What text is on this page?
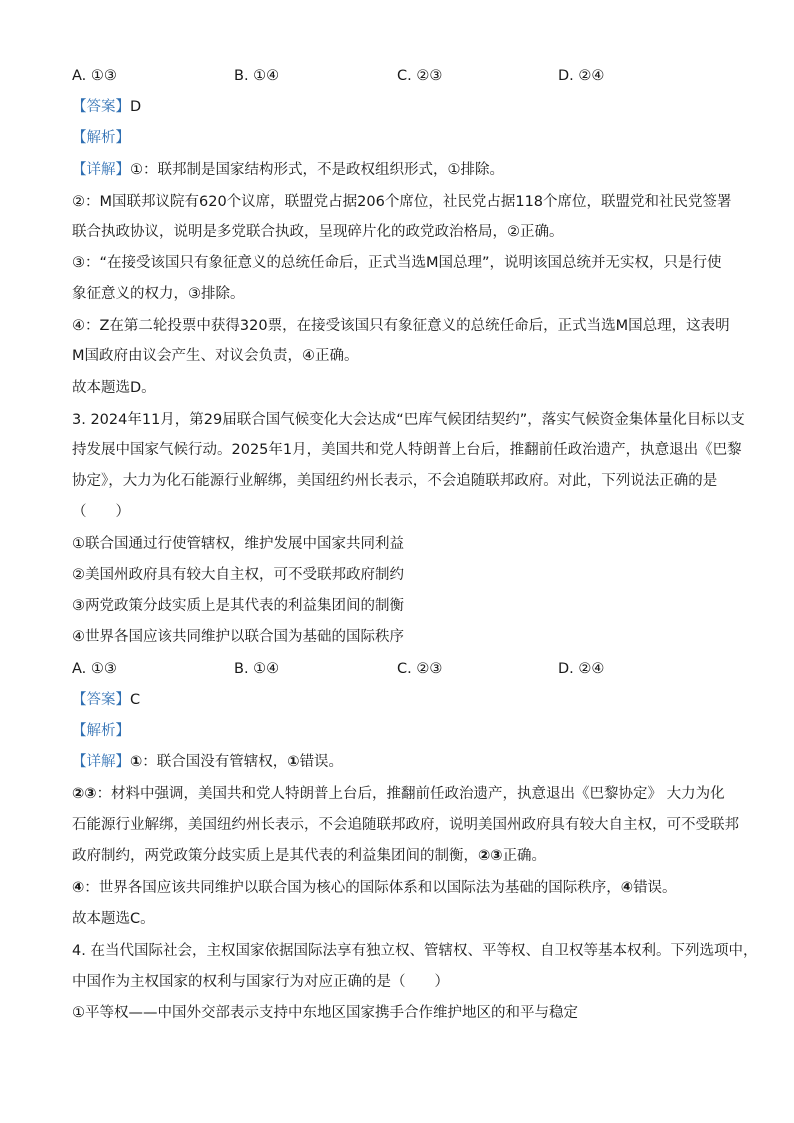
A. ①③	B. ①④	C. ②③	D. ②④
【答案】D
【解析】
【详解】①：联邦制是国家结构形式，不是政权组织形式，①排除。
②：M国联邦议院有620个议席，联盟党占据206个席位，社民党占据118个席位，联盟党和社民党签署
联合执政协议，说明是多党联合执政，呈现碎片化的政党政治格局，②正确。
③：“在接受该国只有象征意义的总统任命后，正式当选M国总理”，说明该国总统并无实权，只是行使
象征意义的权力，③排除。
④：Z在第二轮投票中获得320票，在接受该国只有象征意义的总统任命后，正式当选M国总理，这表明
M国政府由议会产生、对议会负责，④正确。
故本题选D。
3. 2024年11月，第29届联合国气候变化大会达成“巴库气候团结契约”，落实气候资金集体量化目标以支
持发展中国家气候行动。2025年1月，美国共和党人特朗普上台后，推翻前任政治遗产，执意退出《巴黎
协定》，大力为化石能源行业解绑，美国纽约州长表示，不会追随联邦政府。对此，下列说法正确的是
（　　）
①联合国通过行使管辖权，维护发展中国家共同利益
②美国州政府具有较大自主权，可不受联邦政府制约
③两党政策分歧实质上是其代表的利益集团间的制衡
④世界各国应该共同维护以联合国为基础的国际秩序
A. ①③	B. ①④	C. ②③	D. ②④
【答案】C
【解析】
【详解】①：联合国没有管辖权，①错误。
②③：材料中强调，美国共和党人特朗普上台后，推翻前任政治遗产，执意退出《巴黎协定》 大力为化
石能源行业解绑，美国纽约州长表示，不会追随联邦政府，说明美国州政府具有较大自主权，可不受联邦
政府制约，两党政策分歧实质上是其代表的利益集团间的制衡，②③正确。
④：世界各国应该共同维护以联合国为核心的国际体系和以国际法为基础的国际秩序，④错误。
故本题选C。
4. 在当代国际社会，主权国家依据国际法享有独立权、管辖权、平等权、自卫权等基本权利。下列选项中，
中国作为主权国家的权利与国家行为对应正确的是（　　）
①平等权——中国外交部表示支持中东地区国家携手合作维护地区的和平与稳定
